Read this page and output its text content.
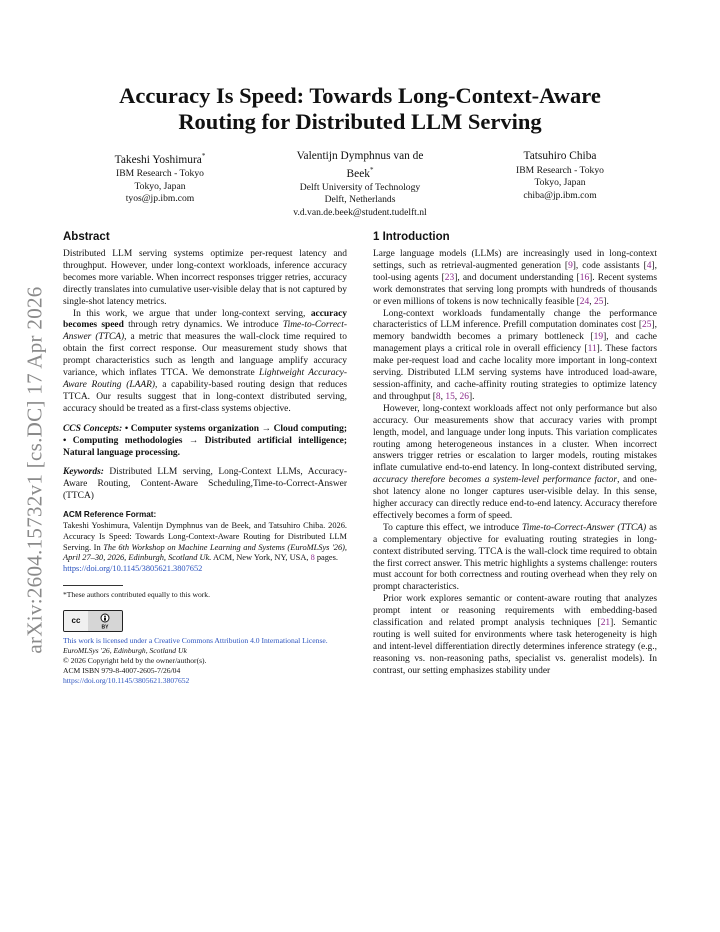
arXiv:2604.15732v1 [cs.DC] 17 Apr 2026
Accuracy Is Speed: Towards Long-Context-Aware
Routing for Distributed LLM Serving
Takeshi Yoshimura*
IBM Research - Tokyo
Tokyo, Japan
tyos@jp.ibm.com
Valentijn Dymphnus van de
Beek*
Delft University of Technology
Delft, Netherlands
v.d.van.de.beek@student.tudelft.nl
Tatsuhiro Chiba
IBM Research - Tokyo
Tokyo, Japan
chiba@jp.ibm.com
Abstract

Distributed LLM serving systems optimize per-request latency and throughput. However, under long-context workloads, inference accuracy becomes more variable. When incorrect responses trigger retries, accuracy directly translates into cumulative user-visible delay that is not captured by single-shot latency metrics.

In this work, we argue that under long-context serving, accuracy becomes speed through retry dynamics. We introduce Time-to-Correct-Answer (TTCA), a metric that measures the wall-clock time required to obtain the first correct response. Our measurement study shows that prompt characteristics such as length and language amplify accuracy variance, which inflates TTCA. We demonstrate Lightweight Accuracy-Aware Routing (LAAR), a capability-based routing design that reduces TTCA. Our results suggest that in long-context distributed serving, accuracy should be treated as a first-class systems objective.

CCS Concepts: • Computer systems organization → Cloud computing; • Computing methodologies → Distributed artificial intelligence; Natural language processing.

Keywords: Distributed LLM serving, Long-Context LLMs, Accuracy-Aware Routing, Content-Aware Scheduling,Time-to-Correct-Answer (TTCA)

ACM Reference Format:

Takeshi Yoshimura, Valentijn Dymphnus van de Beek, and Tatsuhiro Chiba. 2026. Accuracy Is Speed: Towards Long-Context-Aware Routing for Distributed LLM Serving. In The 6th Workshop on Machine Learning and Systems (EuroMLSys '26), April 27–30, 2026, Edinburgh, Scotland Uk. ACM, New York, NY, USA, 8 pages.
https://doi.org/10.1145/3805621.3807652

*These authors contributed equally to this work.
cc
BY
This work is licensed under a Creative Commons Attribution 4.0 International License.
EuroMLSys '26, Edinburgh, Scotland Uk
© 2026 Copyright held by the owner/author(s).
ACM ISBN 979-8-4007-2605-7/26/04
https://doi.org/10.1145/3805621.3807652
1 Introduction

Large language models (LLMs) are increasingly used in long-context settings, such as retrieval-augmented generation [9], code assistants [4], tool-using agents [23], and document understanding [16]. Recent systems work demonstrates that serving long prompts with hundreds of thousands or even millions of tokens is now technically feasible [24, 25].

Long-context workloads fundamentally change the performance characteristics of LLM inference. Prefill computation dominates cost [25], memory bandwidth becomes a primary bottleneck [19], and cache management plays a critical role in overall efficiency [11]. These factors make per-request load and cache locality more important in long-context serving. Distributed LLM serving systems have introduced load-aware, session-affinity, and cache-affinity routing strategies to optimize latency and throughput [8, 15, 26].

However, long-context workloads affect not only performance but also accuracy. Our measurements show that accuracy varies with prompt length, model, and language under long inputs. This variation complicates routing among heterogeneous instances in a cluster. When incorrect answers trigger retries or escalation to larger models, routing mistakes inflate cumulative end-to-end latency. In long-context distributed serving, accuracy therefore becomes a system-level performance factor, and one-shot latency alone no longer captures user-visible delay. In this sense, higher accuracy can directly reduce end-to-end latency. Accuracy therefore effectively becomes a form of speed.

To capture this effect, we introduce Time-to-Correct-Answer (TTCA) as a complementary objective for evaluating routing strategies in long-context distributed serving. TTCA is the wall-clock time required to obtain the first correct answer. This metric highlights a systems challenge: routers must account for both correctness and routing overhead when they rely on prompt characteristics.

Prior work explores semantic or content-aware routing that analyzes prompt intent or reasoning requirements with embedding-based classification and related prompt analysis techniques [21]. Semantic routing is well suited for environments where task heterogeneity is high and intent-level differentiation directly determines inference strategy (e.g., reasoning vs. non-reasoning paths, specialist vs. generalist models). In contrast, our setting emphasizes stability under
